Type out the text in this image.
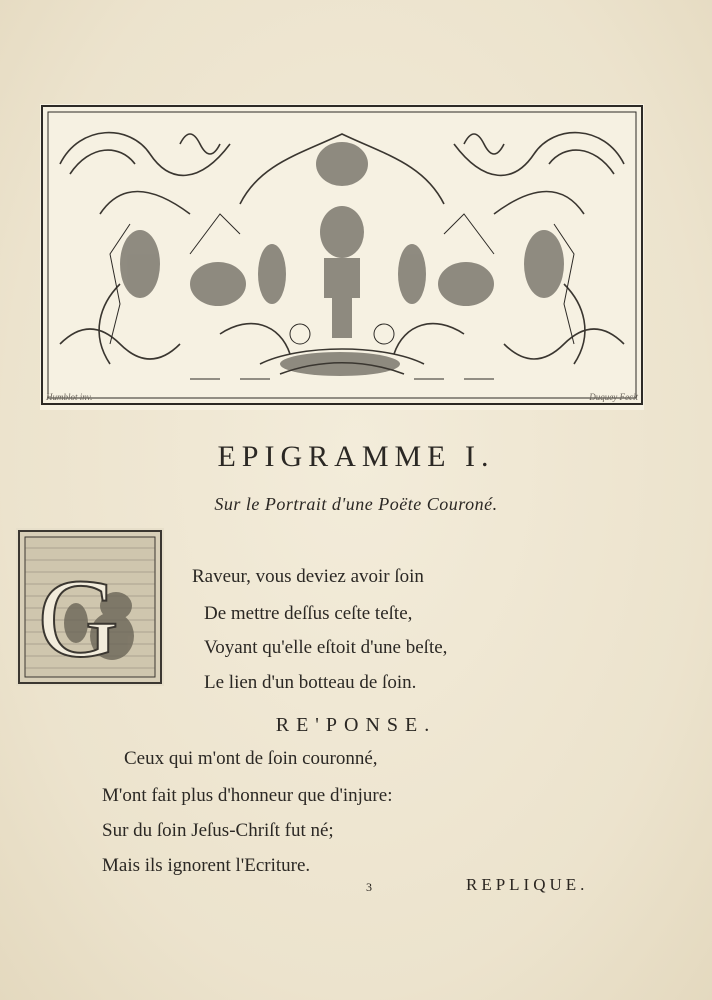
Humblot inv.	Duquey Fecit
EPIGRAMME I.
Sur le Portrait d'une Poëte Couroné.
G	Raveur, vous deviez avoir ſoin
De mettre deſſus ceſte teſte,
Voyant qu'elle eſtoit d'une beſte,
Le lien d'un botteau de ſoin.
RE'PONSE.
Ceux qui m'ont de ſoin couronné,
M'ont fait plus d'honneur que d'injure:
Sur du ſoin Jeſus-Chriſt fut né;
Mais ils ignorent l'Ecriture.
3	REPLIQUE.
